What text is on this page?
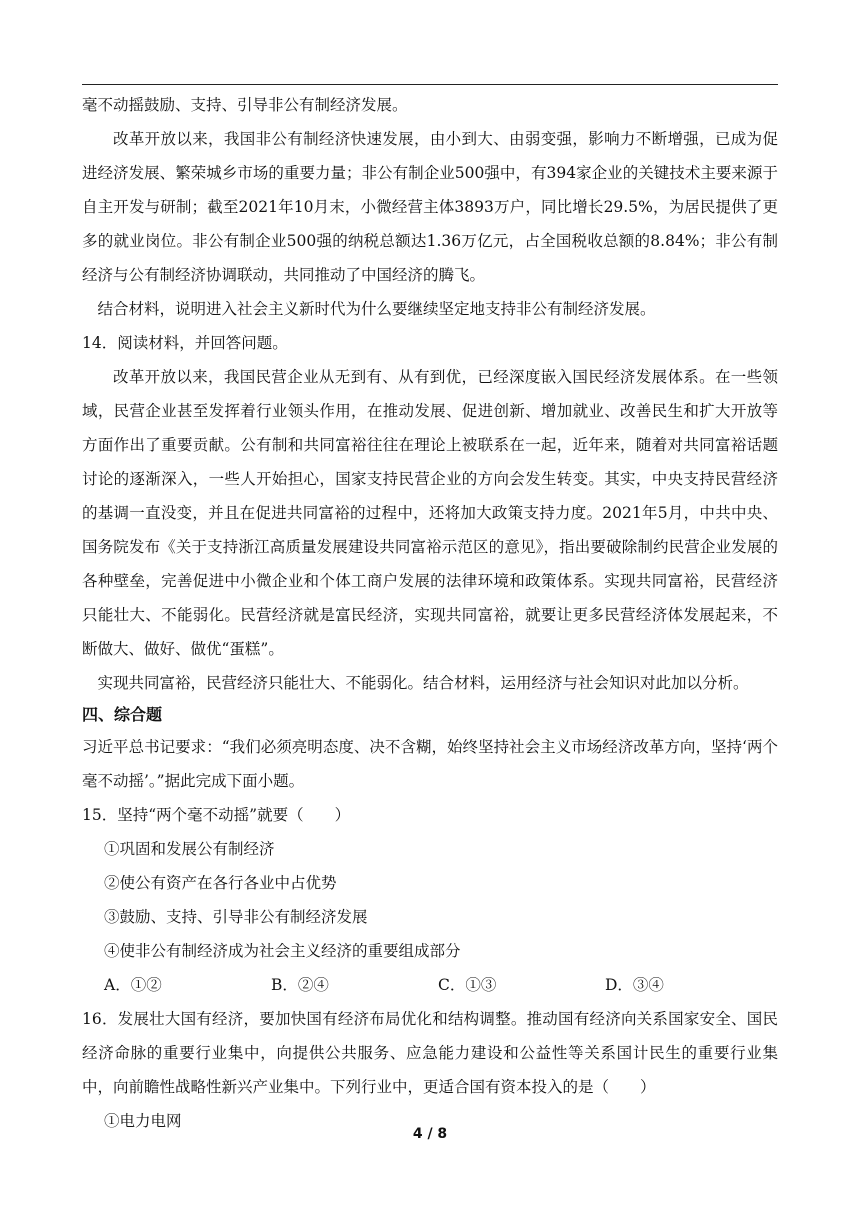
毫不动摇鼓励、支持、引导非公有制经济发展。

改革开放以来，我国非公有制经济快速发展，由小到大、由弱变强，影响力不断增强，已成为促进经济发展、繁荣城乡市场的重要力量；非公有制企业500强中，有394家企业的关键技术主要来源于自主开发与研制；截至2021年10月末，小微经营主体3893万户，同比增长29.5%，为居民提供了更多的就业岗位。非公有制企业500强的纳税总额达1.36万亿元，占全国税收总额的8.84%；非公有制经济与公有制经济协调联动，共同推动了中国经济的腾飞。

结合材料，说明进入社会主义新时代为什么要继续坚定地支持非公有制经济发展。

14．阅读材料，并回答问题。

改革开放以来，我国民营企业从无到有、从有到优，已经深度嵌入国民经济发展体系。在一些领域，民营企业甚至发挥着行业领头作用，在推动发展、促进创新、增加就业、改善民生和扩大开放等方面作出了重要贡献。公有制和共同富裕往往在理论上被联系在一起，近年来，随着对共同富裕话题讨论的逐渐深入，一些人开始担心，国家支持民营企业的方向会发生转变。其实，中央支持民营经济的基调一直没变，并且在促进共同富裕的过程中，还将加大政策支持力度。2021年5月，中共中央、国务院发布《关于支持浙江高质量发展建设共同富裕示范区的意见》，指出要破除制约民营企业发展的各种壁垒，完善促进中小微企业和个体工商户发展的法律环境和政策体系。实现共同富裕，民营经济只能壮大、不能弱化。民营经济就是富民经济，实现共同富裕，就要让更多民营经济体发展起来，不断做大、做好、做优“蛋糕”。

实现共同富裕，民营经济只能壮大、不能弱化。结合材料，运用经济与社会知识对此加以分析。

四、综合题

习近平总书记要求：“我们必须亮明态度、决不含糊，始终坚持社会主义市场经济改革方向，坚持‘两个毫不动摇’。”据此完成下面小题。

15．坚持“两个毫不动摇”就要（　　）

①巩固和发展公有制经济

②使公有资产在各行各业中占优势

③鼓励、支持、引导非公有制经济发展

④使非公有制经济成为社会主义经济的重要组成部分

A．①②	B．②④	C．①③	D．③④

16．发展壮大国有经济，要加快国有经济布局优化和结构调整。推动国有经济向关系国家安全、国民经济命脉的重要行业集中，向提供公共服务、应急能力建设和公益性等关系国计民生的重要行业集中，向前瞻性战略性新兴产业集中。下列行业中，更适合国有资本投入的是（　　）

①电力电网

4 / 8
